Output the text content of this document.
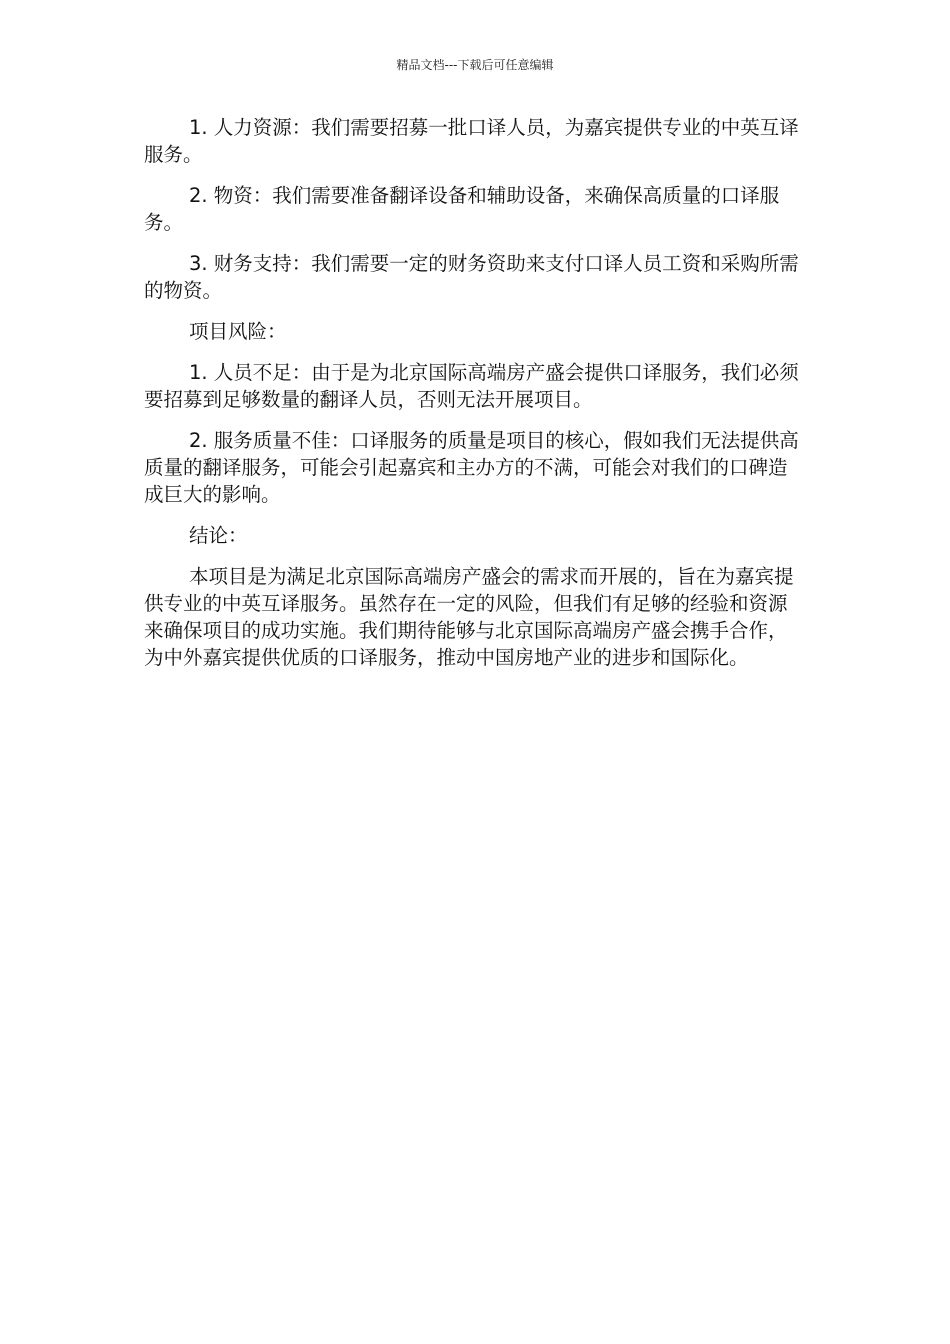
精品文档---下载后可任意编辑

1. 人力资源：我们需要招募一批口译人员，为嘉宾提供专业的中英互译服务。

2. 物资：我们需要准备翻译设备和辅助设备，来确保高质量的口译服务。

3. 财务支持：我们需要一定的财务资助来支付口译人员工资和采购所需的物资。

项目风险：

1. 人员不足：由于是为北京国际高端房产盛会提供口译服务，我们必须要招募到足够数量的翻译人员，否则无法开展项目。

2. 服务质量不佳：口译服务的质量是项目的核心，假如我们无法提供高质量的翻译服务，可能会引起嘉宾和主办方的不满，可能会对我们的口碑造成巨大的影响。

结论：

本项目是为满足北京国际高端房产盛会的需求而开展的，旨在为嘉宾提供专业的中英互译服务。虽然存在一定的风险，但我们有足够的经验和资源来确保项目的成功实施。我们期待能够与北京国际高端房产盛会携手合作，为中外嘉宾提供优质的口译服务，推动中国房地产业的进步和国际化。
